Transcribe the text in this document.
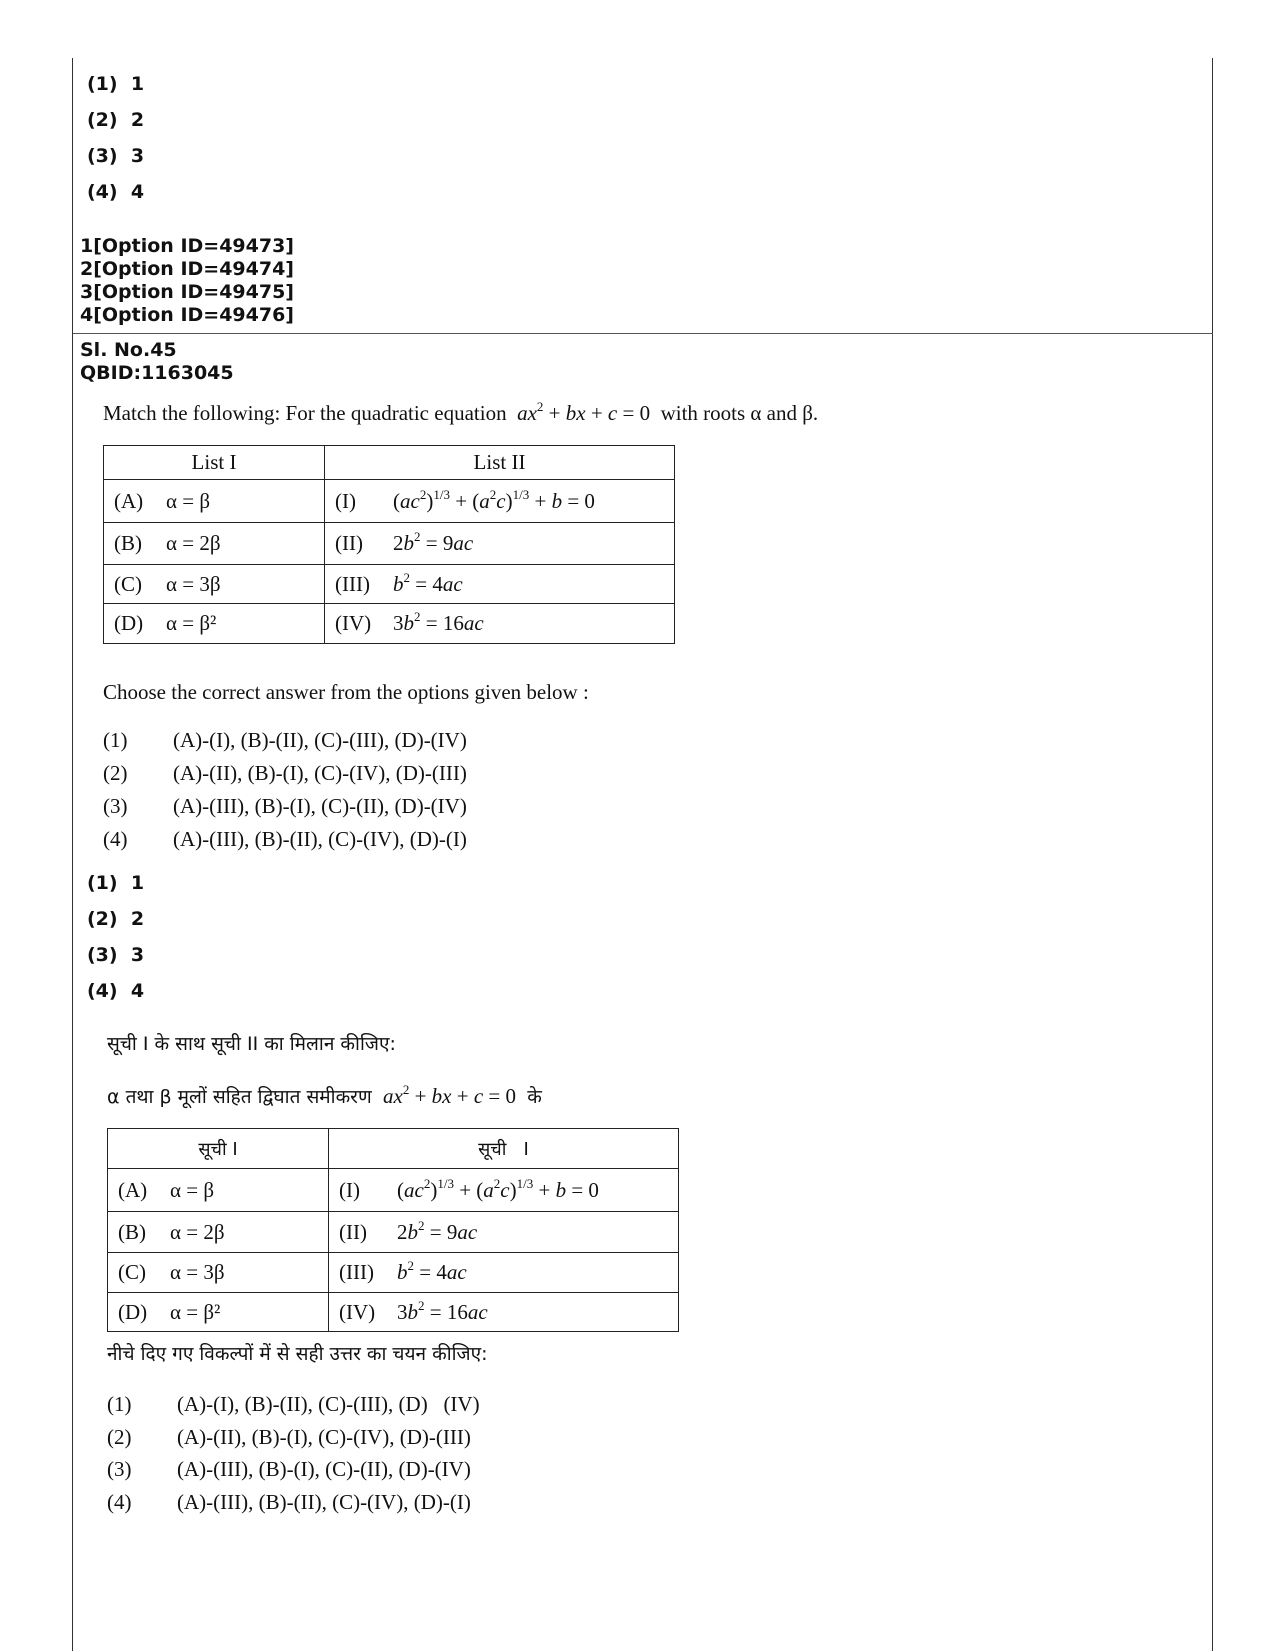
(1)  1
(2)  2
(3)  3
(4)  4
1[Option ID=49473]
2[Option ID=49474]
3[Option ID=49475]
4[Option ID=49476]
Sl. No.45
QBID:1163045
Match the following: For the quadratic equation $ax^2$ + bx + c = 0  with roots α and β.
List I	List II
(A) α = β	(I) $(ac^2)^{1/3} + (a^2c)^{1/3} + b = 0$
(B) α = 2β	(II) $2b^2 = 9ac$
(C) α = 3β	(III) $b^2 = 4ac$
(D) α = β²	(IV) $3b^2 = 16ac$
Choose the correct answer from the options given below :
(1) (A)-(I), (B)-(II), (C)-(III), (D)-(IV)
(2) (A)-(II), (B)-(I), (C)-(IV), (D)-(III)
(3) (A)-(III), (B)-(I), (C)-(II), (D)-(IV)
(4) (A)-(III), (B)-(II), (C)-(IV), (D)-(I)
(1)  1
(2)  2
(3)  3
(4)  4
सूची I के साथ सूची II का मिलान कीजिए:
α तथा β मूलों सहित द्विघात समीकरण $ax^2$ + bx + c = 0  के
सूची I	सूची   I
(A) α = β	(I) $(ac^2)^{1/3} + (a^2c)^{1/3} + b = 0$
(B) α = 2β	(II) $2b^2 = 9ac$
(C) α = 3β	(III) $b^2 = 4ac$
(D) α = β²	(IV) $3b^2 = 16ac$
नीचे दिए गए विकल्पों में से सही उत्तर का चयन कीजिए:
(1) (A)-(I), (B)-(II), (C)-(III), (D)   (IV)
(2) (A)-(II), (B)-(I), (C)-(IV), (D)-(III)
(3) (A)-(III), (B)-(I), (C)-(II), (D)-(IV)
(4) (A)-(III), (B)-(II), (C)-(IV), (D)-(I)
